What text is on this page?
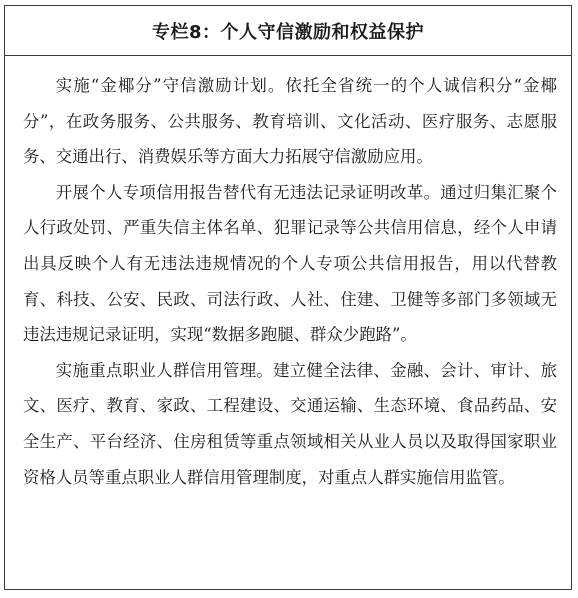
专栏8：个人守信激励和权益保护

实施“金椰分”守信激励计划。依托全省统一的个人诚信积分“金椰分”，在政务服务、公共服务、教育培训、文化活动、医疗服务、志愿服务、交通出行、消费娱乐等方面大力拓展守信激励应用。

开展个人专项信用报告替代有无违法记录证明改革。通过归集汇聚个人行政处罚、严重失信主体名单、犯罪记录等公共信用信息，经个人申请出具反映个人有无违法违规情况的个人专项公共信用报告，用以代替教育、科技、公安、民政、司法行政、人社、住建、卫健等多部门多领域无违法违规记录证明，实现“数据多跑腿、群众少跑路”。

实施重点职业人群信用管理。建立健全法律、金融、会计、审计、旅文、医疗、教育、家政、工程建设、交通运输、生态环境、食品药品、安全生产、平台经济、住房租赁等重点领域相关从业人员以及取得国家职业资格人员等重点职业人群信用管理制度，对重点人群实施信用监管。
